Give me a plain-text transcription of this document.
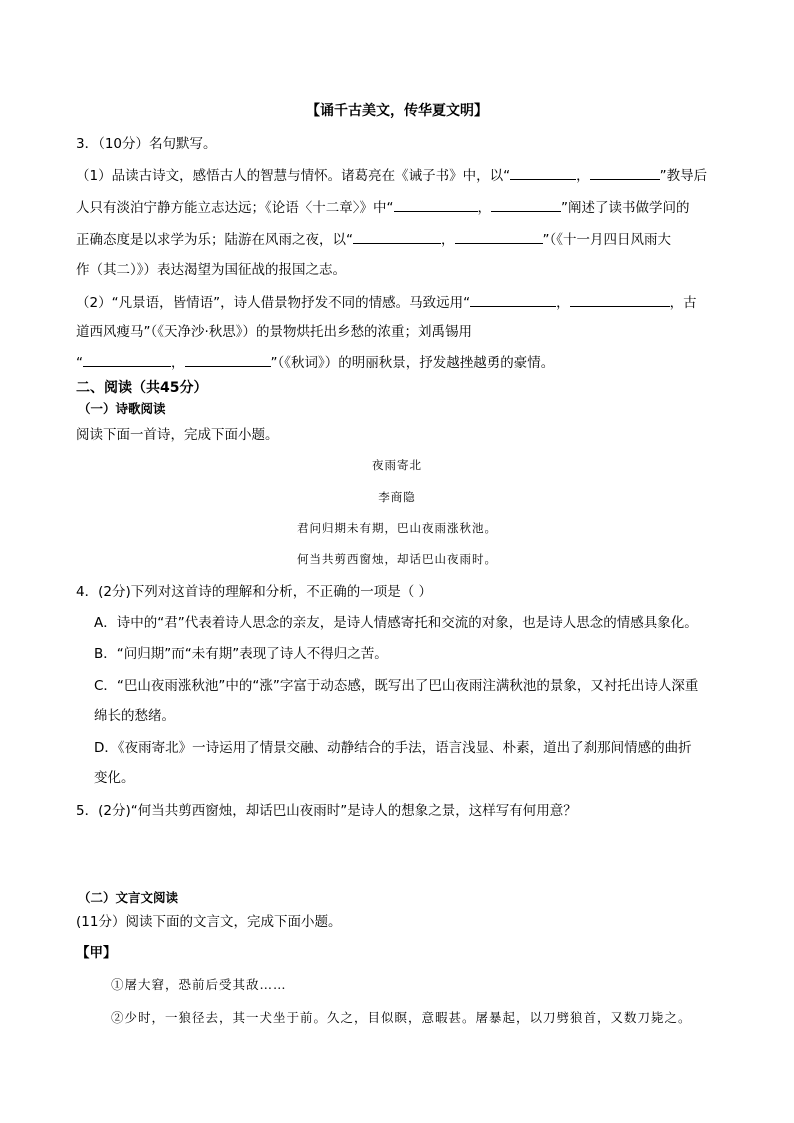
【诵千古美文，传华夏文明】
3．（10分）名句默写。
（1）品读古诗文，感悟古人的智慧与情怀。诸葛亮在《诫子书》中，以“	，	”教导后
人只有淡泊宁静方能立志达远；《论语〈十二章〉》中“	，	”阐述了读书做学问的
正确态度是以求学为乐；陆游在风雨之夜，以“	，	”（《十一月四日风雨大
作（其二）》）表达渴望为国征战的报国之志。
（2）“凡景语，皆情语”，诗人借景物抒发不同的情感。马致远用“	，	，古
道西风瘦马”（《天净沙·秋思》）的景物烘托出乡愁的浓重；刘禹锡用
“	，	”（《秋词》）的明丽秋景，抒发越挫越勇的豪情。
二、阅读（共45分）
（一）诗歌阅读
阅读下面一首诗，完成下面小题。
夜雨寄北
李商隐
君问归期未有期，巴山夜雨涨秋池。
何当共剪西窗烛，却话巴山夜雨时。
4．(2分)下列对这首诗的理解和分析，不正确的一项是（ ）
A．诗中的“君”代表着诗人思念的亲友，是诗人情感寄托和交流的对象，也是诗人思念的情感具象化。
B．“问归期”而“未有期”表现了诗人不得归之苦。
C．“巴山夜雨涨秋池”中的“涨”字富于动态感，既写出了巴山夜雨注满秋池的景象，又衬托出诗人深重
绵长的愁绪。
D．《夜雨寄北》一诗运用了情景交融、动静结合的手法，语言浅显、朴素，道出了刹那间情感的曲折
变化。
5．(2分)“何当共剪西窗烛，却话巴山夜雨时”是诗人的想象之景，这样写有何用意？
（二）文言文阅读
(11分）阅读下面的文言文，完成下面小题。
【甲】
①屠大窘，恐前后受其敌……
②少时，一狼径去，其一犬坐于前。久之，目似瞑，意暇甚。屠暴起，以刀劈狼首，又数刀毙之。
